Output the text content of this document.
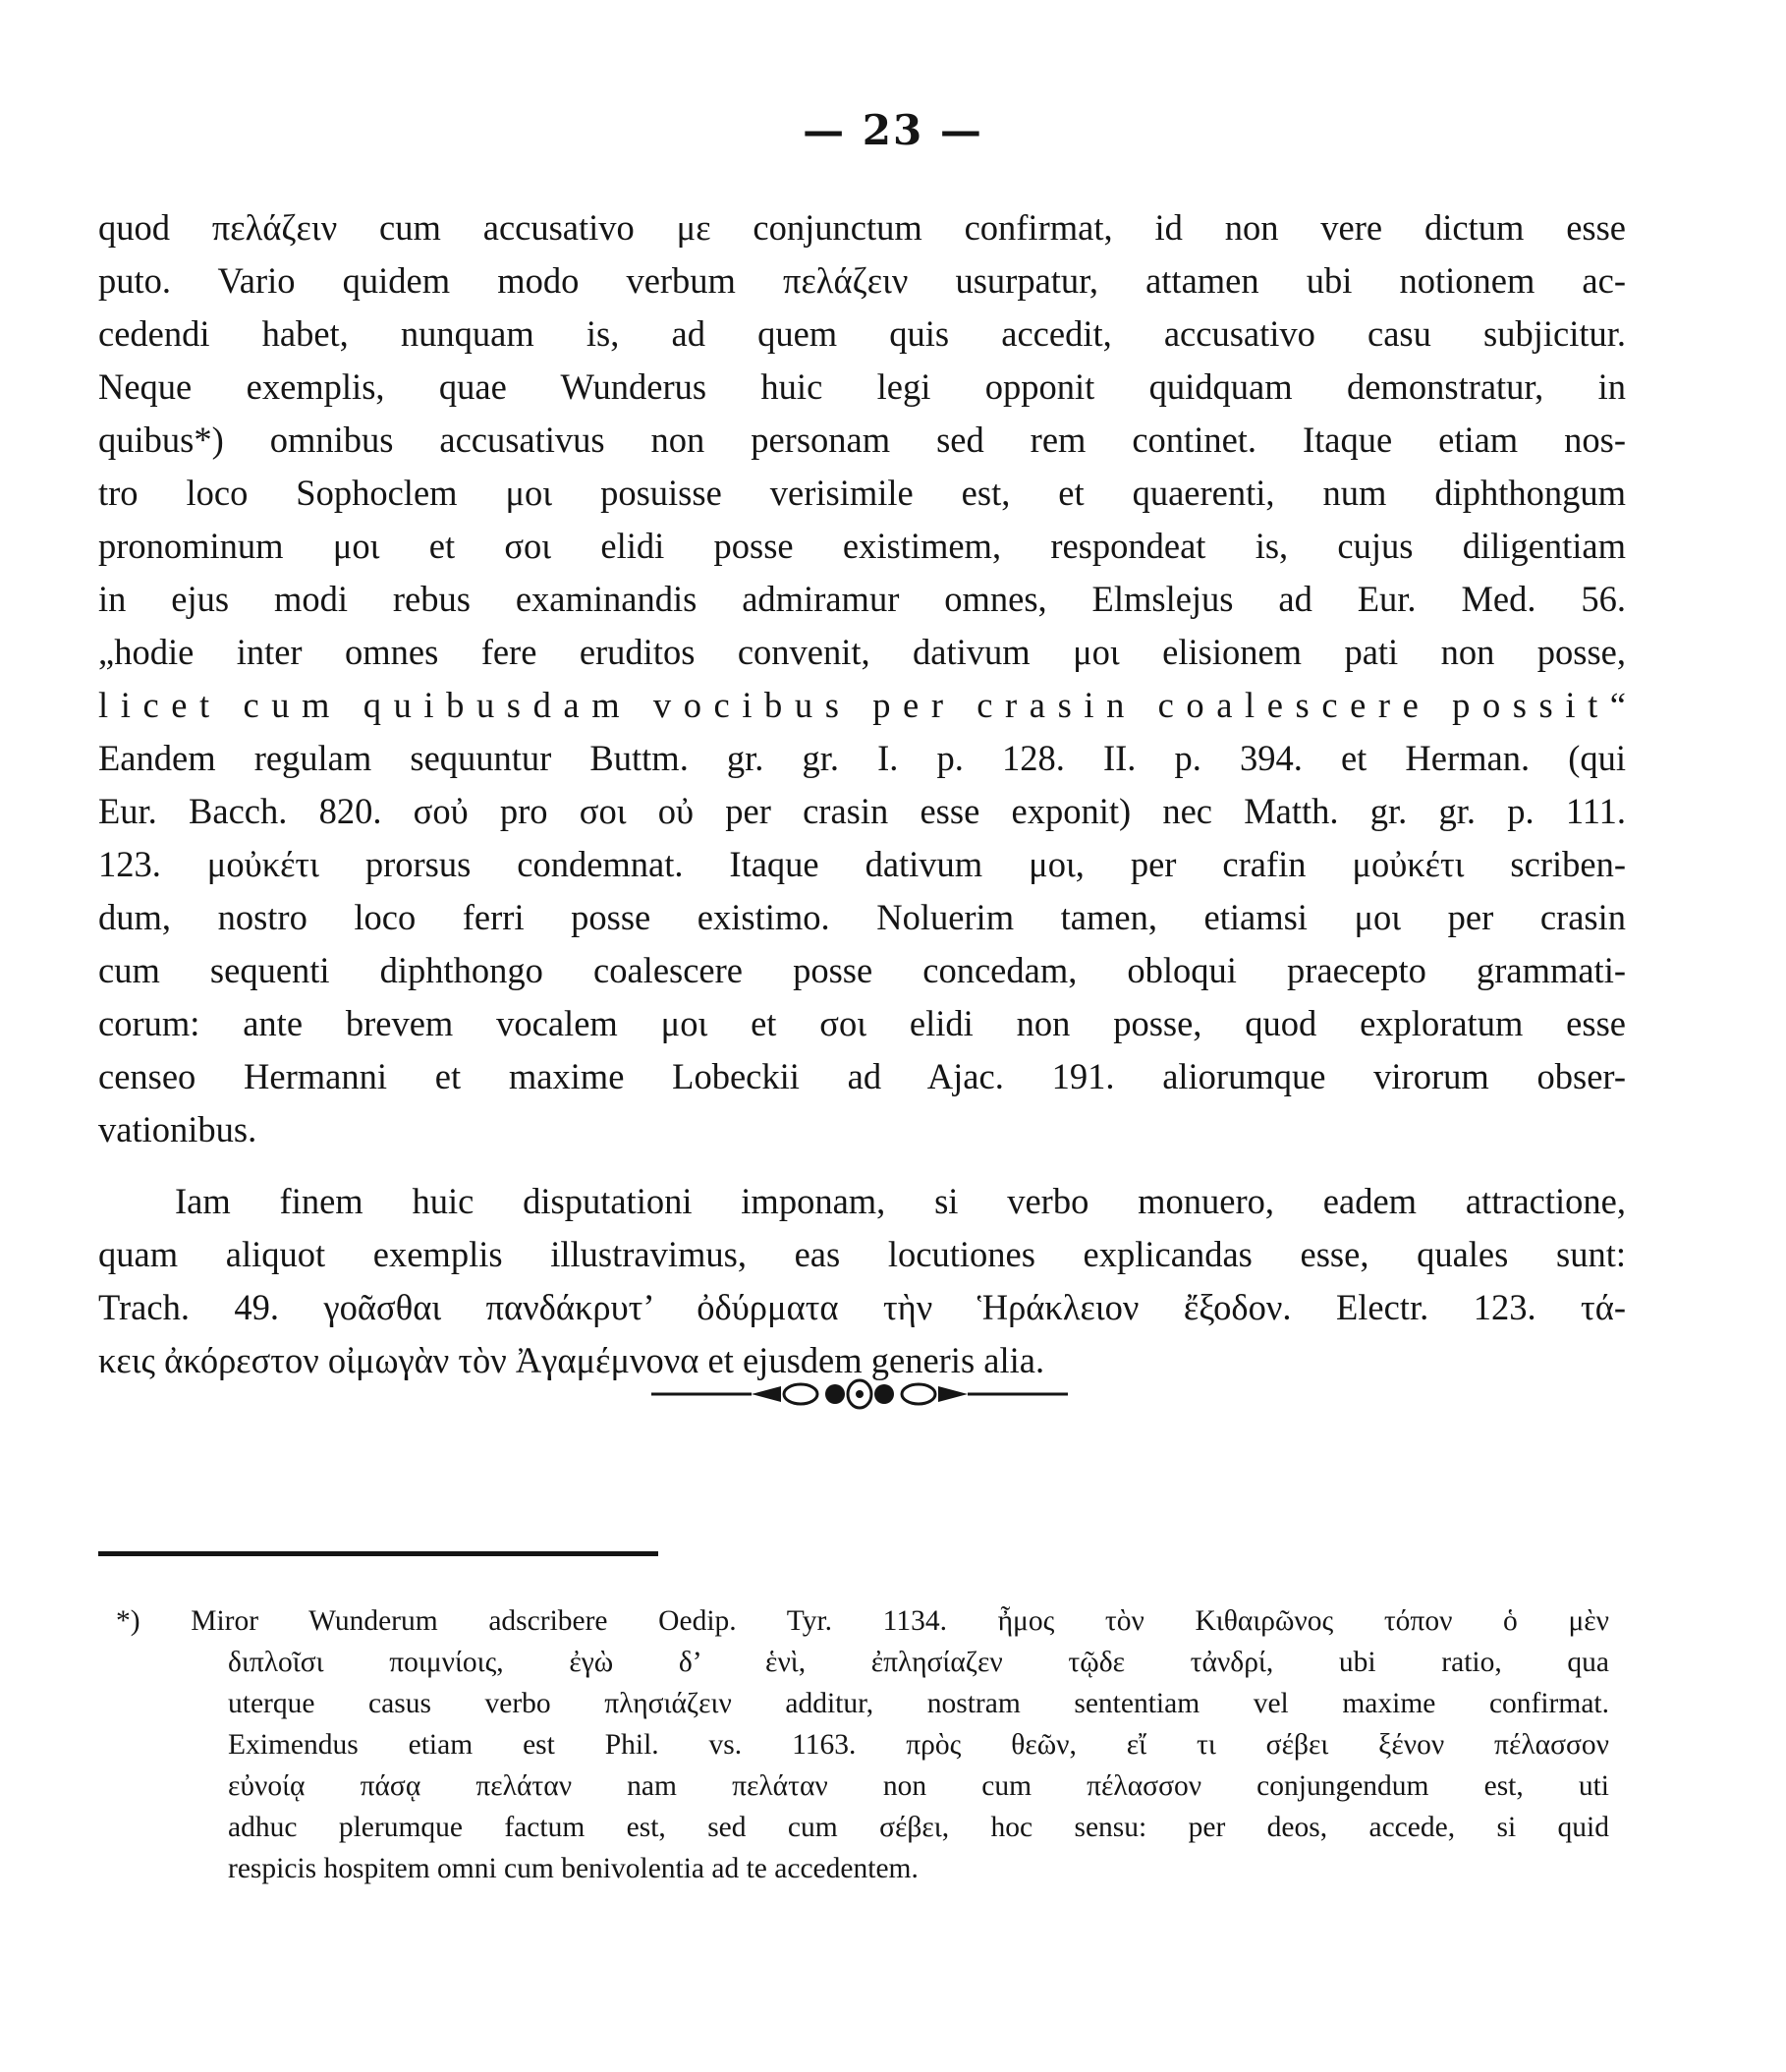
— 23 —
quod πελάζειν cum accusativo με conjunctum confirmat, id non vere dictum esse
puto. Vario quidem modo verbum πελάζειν usurpatur, attamen ubi notionem ac-
cedendi habet, nunquam is, ad quem quis accedit, accusativo casu subjicitur.
Neque exemplis, quae Wunderus huic legi opponit quidquam demonstratur, in
quibus*) omnibus accusativus non personam sed rem continet. Itaque etiam nos-
tro loco Sophoclem μοι posuisse verisimile est, et quaerenti, num diphthongum
pronominum μοι et σοι elidi posse existimem, respondeat is, cujus diligentiam
in ejus modi rebus examinandis admiramur omnes, Elmslejus ad Eur. Med. 56.
„hodie inter omnes fere eruditos convenit, dativum μοι elisionem pati non posse,
licet cum quibusdam vocibus per crasin coalescere possit“
Eandem regulam sequuntur Buttm. gr. gr. I. p. 128. II. p. 394. et Herman. (qui
Eur. Bacch. 820. σοὐ pro σοι οὐ per crasin esse exponit) nec Matth. gr. gr. p. 111.
123. μοὐκέτι prorsus condemnat. Itaque dativum μοι, per crafin μοὐκέτι scriben-
dum, nostro loco ferri posse existimo. Noluerim tamen, etiamsi μοι per crasin
cum sequenti diphthongo coalescere posse concedam, obloqui praecepto grammati-
corum: ante brevem vocalem μοι et σοι elidi non posse, quod exploratum esse
censeo Hermanni et maxime Lobeckii ad Ajac. 191. aliorumque virorum obser-
vationibus.
Iam finem huic disputationi imponam, si verbo monuero, eadem attractione,
quam aliquot exemplis illustravimus, eas locutiones explicandas esse, quales sunt:
Trach. 49. γοᾶσθαι πανδάκρυτ’ ὀδύρματα τὴν Ἡράκλειον ἔξοδον. Electr. 123. τά-
κεις ἀκόρεστον οἰμωγὰν τὸν Ἀγαμέμνονα et ejusdem generis alia.
*) Miror Wunderum adscribere Oedip. Tyr. 1134. ἦμος τὸν Κιθαιρῶνος τόπον ὁ μὲν
διπλοῖσι ποιμνίοις, ἐγὼ δ’ ἑνὶ, ἐπλησίαζεν τῷδε τἀνδρί, ubi ratio, qua
uterque casus verbo πλησιάζειν additur, nostram sententiam vel maxime confirmat.
Eximendus etiam est Phil. vs. 1163. πρὸς θεῶν, εἴ τι σέβει ξένον πέλασσον
εὐνοίᾳ πάσᾳ πελάταν nam πελάταν non cum πέλασσον conjungendum est, uti
adhuc plerumque factum est, sed cum σέβει, hoc sensu: per deos, accede, si quid
respicis hospitem omni cum benivolentia ad te accedentem.
